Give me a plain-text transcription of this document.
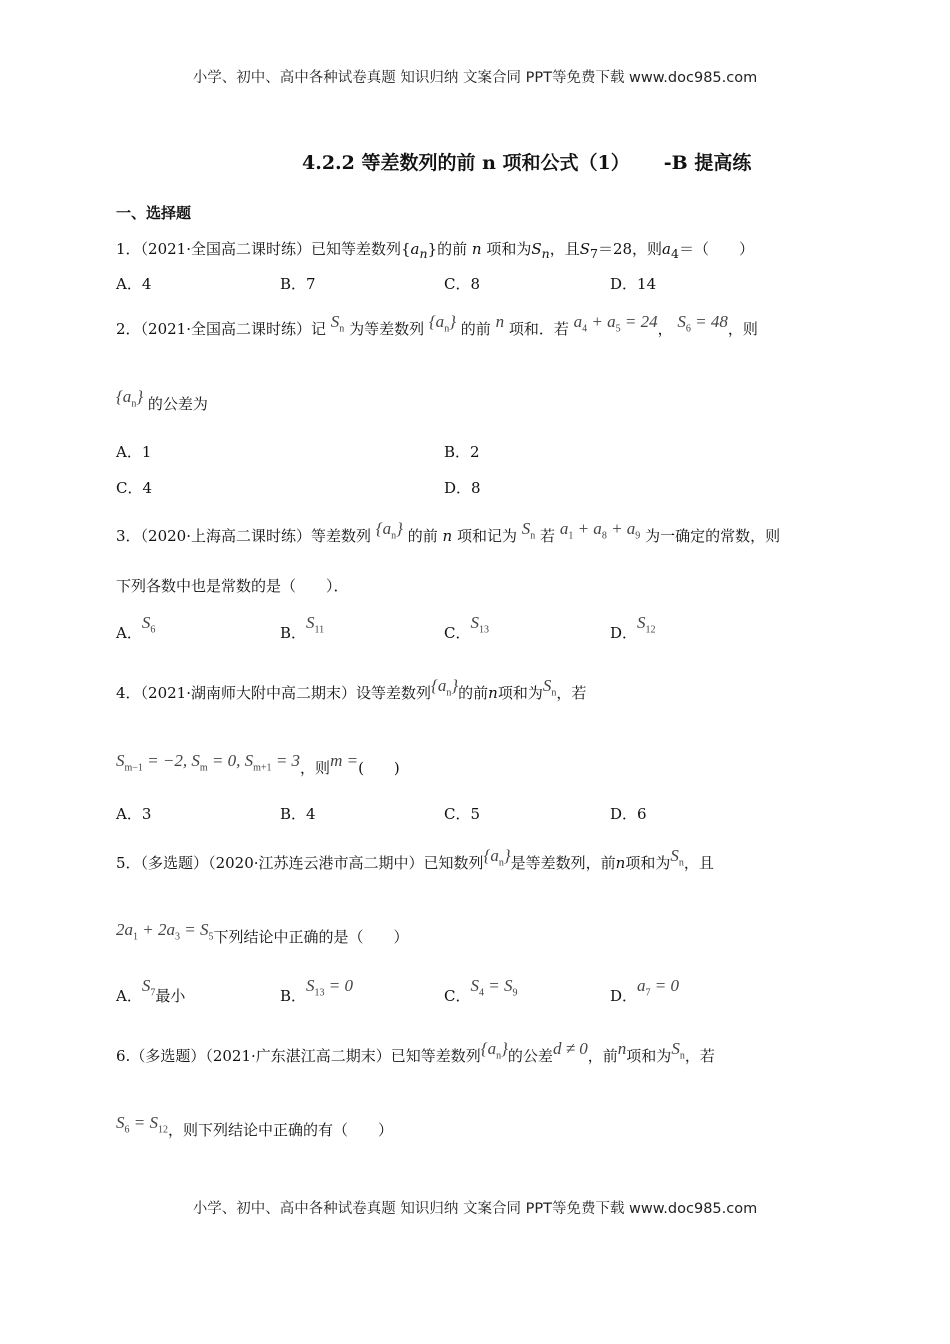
小学、初中、高中各种试卷真题 知识归纳 文案合同 PPT等免费下载 www.doc985.com
4.2.2 等差数列的前 n 项和公式（1） -B 提高练
一、选择题
1．（2021·全国高二课时练）已知等差数列$\{a_n\}$的前 n 项和为$S_n$，且$S_7=28$，则$a_4=$（　　）
A．4	B．7	C．8	D．14
2．（2021·全国高二课时练）记 $S_n$ 为等差数列 $\{a_n\}$ 的前 n 项和．若 $a_4 + a_5 = 24$， $S_6 = 48$，则
$\{a_n\}$ 的公差为
A．1	B．2
C．4	D．8
3．（2020·上海高二课时练）等差数列 $\{a_n\}$ 的前 n 项和记为 $S_n$ 若 $a_1 + a_8 + a_9$ 为一确定的常数，则
下列各数中也是常数的是（　　）．
A．$S_6$	B．$S_{11}$	C．$S_{13}$	D．$S_{12}$
4．（2021·湖南师大附中高二期末）设等差数列$\{a_n\}$的前n项和为$S_n$，若
$S_{m-1} = -2$, $S_m = 0$, $S_{m+1} = 3$，则m =(　　)
A．3	B．4	C．5	D．6
5．（多选题）（2020·江苏连云港市高二期中）已知数列$\{a_n\}$是等差数列，前n项和为$S_n$，且
$2a_1 + 2a_3 = S_5$下列结论中正确的是（　　）
A．$S_7$最小	B．$S_{13} = 0$
C．$S_4 = S_9$	D．$a_7 = 0$
6.（多选题）（2021·广东湛江高二期末）已知等差数列$\{a_n\}$的公差d ≠ 0，前n项和为$S_n$，若
$S_6 = S_{12}$，则下列结论中正确的有（　　）
小学、初中、高中各种试卷真题 知识归纳 文案合同 PPT等免费下载 www.doc985.com
